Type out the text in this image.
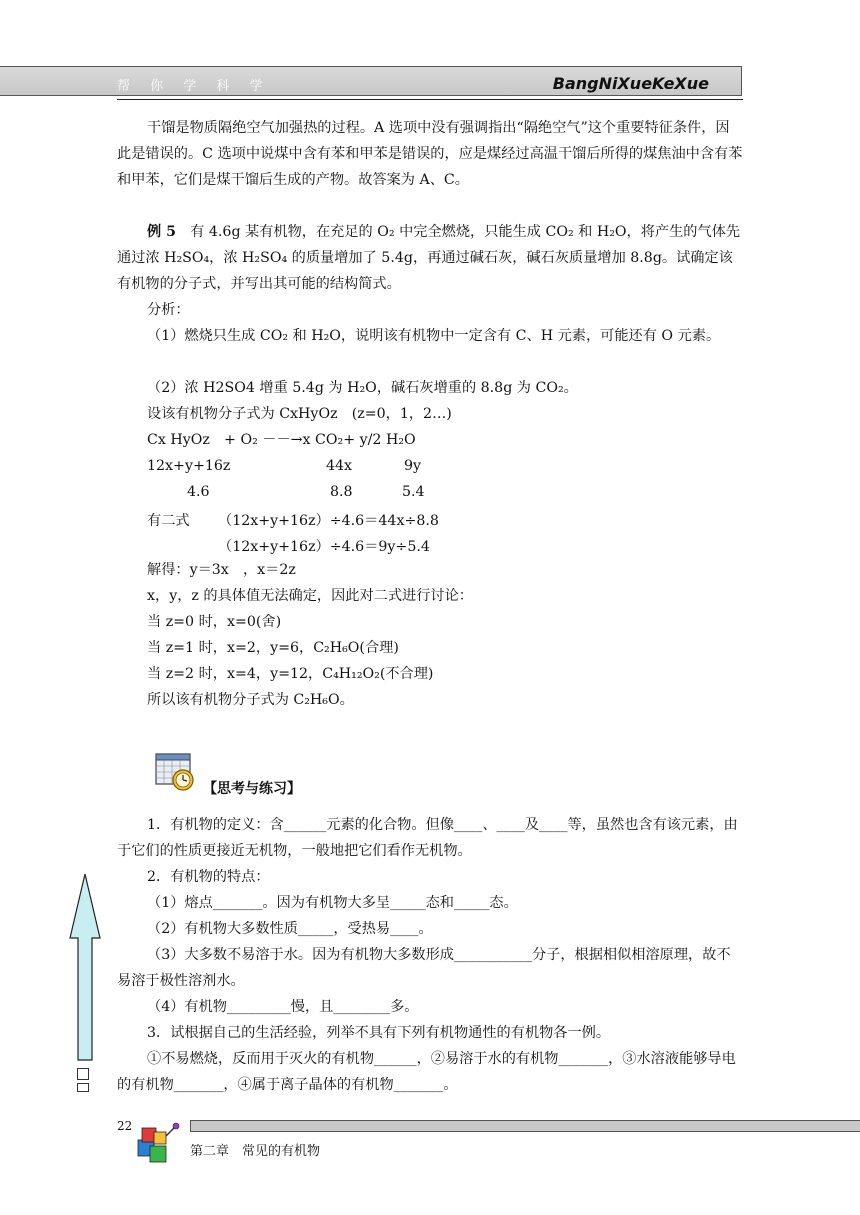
帮 你 学 科 学	BangNiXueKeXue
干馏是物质隔绝空气加强热的过程。A 选项中没有强调指出“隔绝空气”这个重要特征条件，因此是错误的。C 选项中说煤中含有苯和甲苯是错误的，应是煤经过高温干馏后所得的煤焦油中含有苯和甲苯，它们是煤干馏后生成的产物。故答案为 A、C。
例 5　 有 4.6g 某有机物，在充足的 O₂ 中完全燃烧，只能生成 CO₂ 和 H₂O，将产生的气体先通过浓 H₂SO₄，浓 H₂SO₄ 的质量增加了 5.4g，再通过碱石灰，碱石灰质量增加 8.8g。试确定该有机物的分子式，并写出其可能的结构简式。
分析：
（1）燃烧只生成 CO₂ 和 H₂O，说明该有机物中一定含有 C、H 元素，可能还有 O 元素。
（2）浓 H2SO4 增重 5.4g 为 H₂O，碱石灰增重的 8.8g 为 CO₂。
设该有机物分子式为 CxHyOz　(z=0，1，2…)
Cx HyOz　+ O₂ －－→x CO₂+ y/2 H₂O
12x+y+16z	44x	9y
4.6	8.8	5.4
有二式 （12x+y+16z）÷4.6＝44x÷8.8
（12x+y+16z）÷4.6＝9y÷5.4
解得：y＝3x　，x＝2z
x，y，z 的具体值无法确定，因此对二式进行讨论：
当 z=0 时，x=0(舍)
当 z=1 时，x=2，y=6，C₂H₆O(合理)
当 z=2 时，x=4，y=12，C₄H₁₂O₂(不合理)
所以该有机物分子式为 C₂H₆O。
【思考与练习】
1．有机物的定义：含______元素的化合物。但像____、____及____等，虽然也含有该元素，由于它们的性质更接近无机物，一般地把它们看作无机物。
2．有机物的特点：
（1）熔点_______。因为有机物大多呈_____态和_____态。
（2）有机物大多数性质_____，受热易____。
（3）大多数不易溶于水。因为有机物大多数形成___________分子，根据相似相溶原理，故不易溶于极性溶剂水。
（4）有机物_________慢，且________多。
3．试根据自己的生活经验，列举不具有下列有机物通性的有机物各一例。
①不易燃烧，反而用于灭火的有机物______，②易溶于水的有机物_______，③水溶液能够导电的有机物_______，④属于离子晶体的有机物_______。
22
第二章　常见的有机物
